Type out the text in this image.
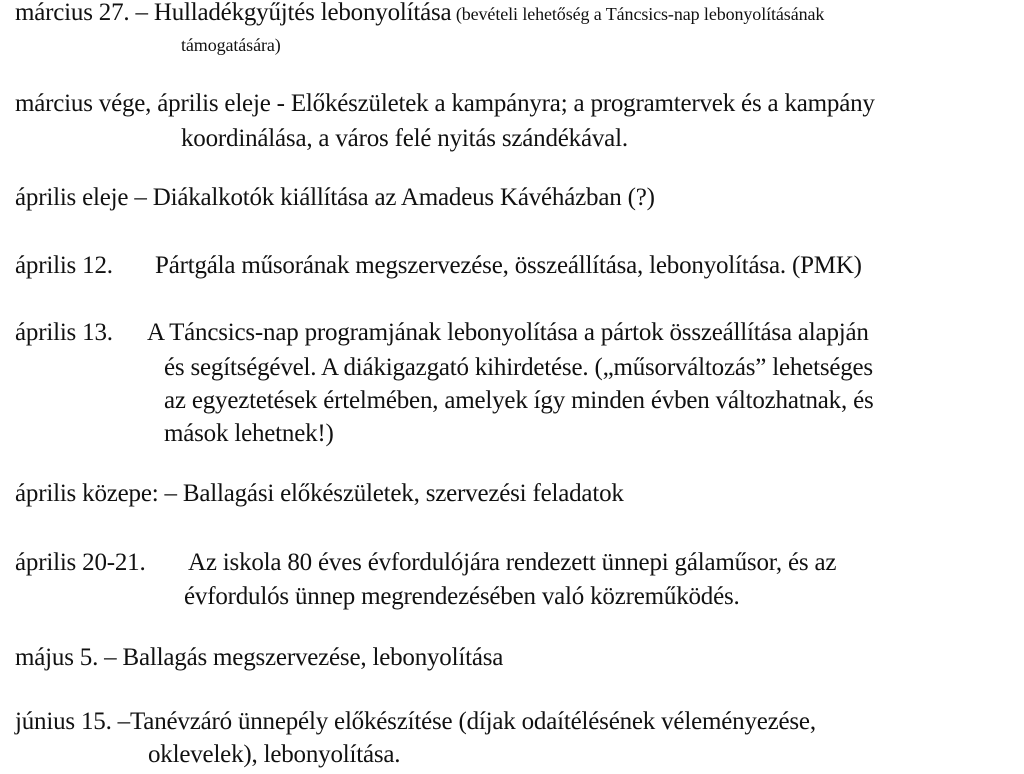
március 27. – Hulladékgyűjtés lebonyolítása (bevételi lehetőség a Táncsics-nap lebonyolításának
támogatására)
március vége, április eleje - Előkészületek a kampányra; a programtervek és a kampány
koordinálása, a város felé nyitás szándékával.
április eleje – Diákalkotók kiállítása az Amadeus Kávéházban (?)
április 12. Pártgála műsorának megszervezése, összeállítása, lebonyolítása. (PMK)
április 13. A Táncsics-nap programjának lebonyolítása a pártok összeállítása alapján
és segítségével. A diákigazgató kihirdetése. („műsorváltozás” lehetséges
az egyeztetések értelmében, amelyek így minden évben változhatnak, és
mások lehetnek!)
április közepe: – Ballagási előkészületek, szervezési feladatok
április 20-21. Az iskola 80 éves évfordulójára rendezett ünnepi gálaműsor, és az
évfordulós ünnep megrendezésében való közreműködés.
május 5. – Ballagás megszervezése, lebonyolítása
június 15. –Tanévzáró ünnepély előkészítése (díjak odaítélésének véleményezése,
oklevelek), lebonyolítása.
